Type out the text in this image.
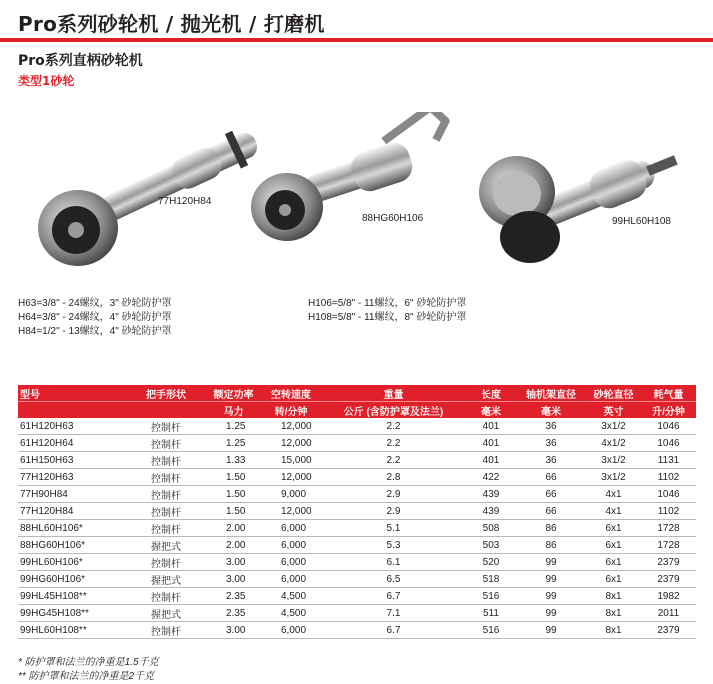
Pro系列砂轮机 / 抛光机 / 打磨机
Pro系列直柄砂轮机
类型1砂轮
77H120H84
88HG60H106	99HL60H108
H63=3/8" - 24螺纹，3" 砂轮防护罩
H64=3/8" - 24螺纹，4" 砂轮防护罩
H84=1/2" - 13螺纹，4" 砂轮防护罩
H106=5/8" - 11螺纹，6" 砂轮防护罩
H108=5/8" - 11螺纹，8" 砂轮防护罩
型号	把手形状	额定功率	空转速度	重量	长度	轴机架直径	砂轮直径	耗气量
		马力	转/分钟	公斤 (含防护罩及法兰)	毫米	毫米	英寸	升/分钟
61H120H63	控制杆	1.25	12,000	2.2	401	36	3x1/2	1046
61H120H64	控制杆	1.25	12,000	2.2	401	36	4x1/2	1046
61H150H63	控制杆	1.33	15,000	2.2	401	36	3x1/2	1131
77H120H63	控制杆	1.50	12,000	2.8	422	66	3x1/2	1102
77H90H84	控制杆	1.50	9,000	2.9	439	66	4x1	1046
77H120H84	控制杆	1.50	12,000	2.9	439	66	4x1	1102
88HL60H106*	控制杆	2.00	6,000	5.1	508	86	6x1	1728
88HG60H106*	握把式	2.00	6,000	5.3	503	86	6x1	1728
99HL60H106*	控制杆	3.00	6,000	6.1	520	99	6x1	2379
99HG60H106*	握把式	3.00	6,000	6.5	518	99	6x1	2379
99HL45H108**	控制杆	2.35	4,500	6.7	516	99	8x1	1982
99HG45H108**	握把式	2.35	4,500	7.1	511	99	8x1	2011
99HL60H108**	控制杆	3.00	6,000	6.7	516	99	8x1	2379
* 防护罩和法兰的净重是1.5千克
** 防护罩和法兰的净重是2千克
